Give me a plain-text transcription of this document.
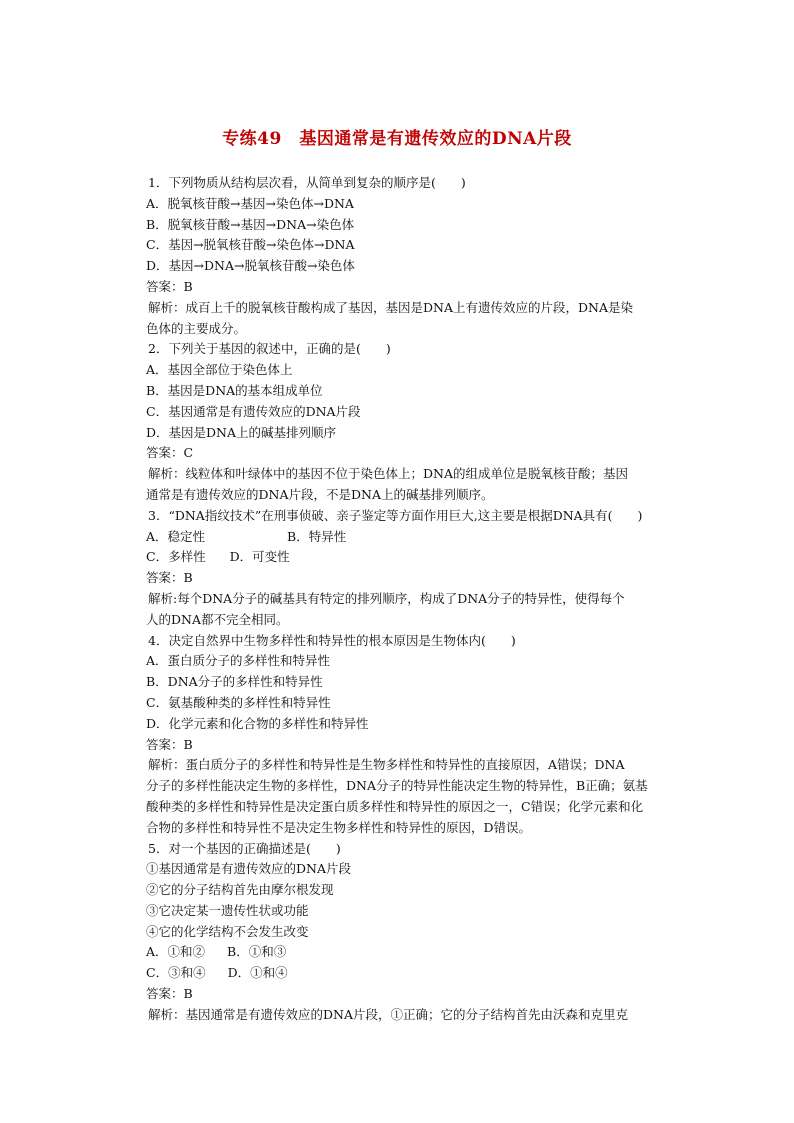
专练49　基因通常是有遗传效应的DNA片段
1．下列物质从结构层次看，从简单到复杂的顺序是(　　)
A．脱氧核苷酸→基因→染色体→DNA
B．脱氧核苷酸→基因→DNA→染色体
C．基因→脱氧核苷酸→染色体→DNA
D．基因→DNA→脱氧核苷酸→染色体
答案：B
解析：成百上千的脱氧核苷酸构成了基因，基因是DNA上有遗传效应的片段，DNA是染
色体的主要成分。
2．下列关于基因的叙述中，正确的是(　　)
A．基因全部位于染色体上
B．基因是DNA的基本组成单位
C．基因通常是有遗传效应的DNA片段
D．基因是DNA上的碱基排列顺序
答案：C
解析：线粒体和叶绿体中的基因不位于染色体上；DNA的组成单位是脱氧核苷酸；基因
通常是有遗传效应的DNA片段，不是DNA上的碱基排列顺序。
3．“DNA指纹技术”在刑事侦破、亲子鉴定等方面作用巨大,这主要是根据DNA具有(　　)
A．稳定性	B．特异性
C．多样性 D．可变性
答案：B
解析:每个DNA分子的碱基具有特定的排列顺序，构成了DNA分子的特异性，使得每个
人的DNA都不完全相同。
4．决定自然界中生物多样性和特异性的根本原因是生物体内(　　)
A．蛋白质分子的多样性和特异性
B．DNA分子的多样性和特异性
C．氨基酸种类的多样性和特异性
D．化学元素和化合物的多样性和特异性
答案：B
解析：蛋白质分子的多样性和特异性是生物多样性和特异性的直接原因，A错误；DNA
分子的多样性能决定生物的多样性，DNA分子的特异性能决定生物的特异性，B正确；氨基
酸种类的多样性和特异性是决定蛋白质多样性和特异性的原因之一，C错误；化学元素和化
合物的多样性和特异性不是决定生物多样性和特异性的原因，D错误。
5．对一个基因的正确描述是(　　)
①基因通常是有遗传效应的DNA片段
②它的分子结构首先由摩尔根发现
③它决定某一遗传性状或功能
④它的化学结构不会发生改变
A．①和② B．①和③
C．③和④ D．①和④
答案：B
解析：基因通常是有遗传效应的DNA片段，①正确；它的分子结构首先由沃森和克里克
